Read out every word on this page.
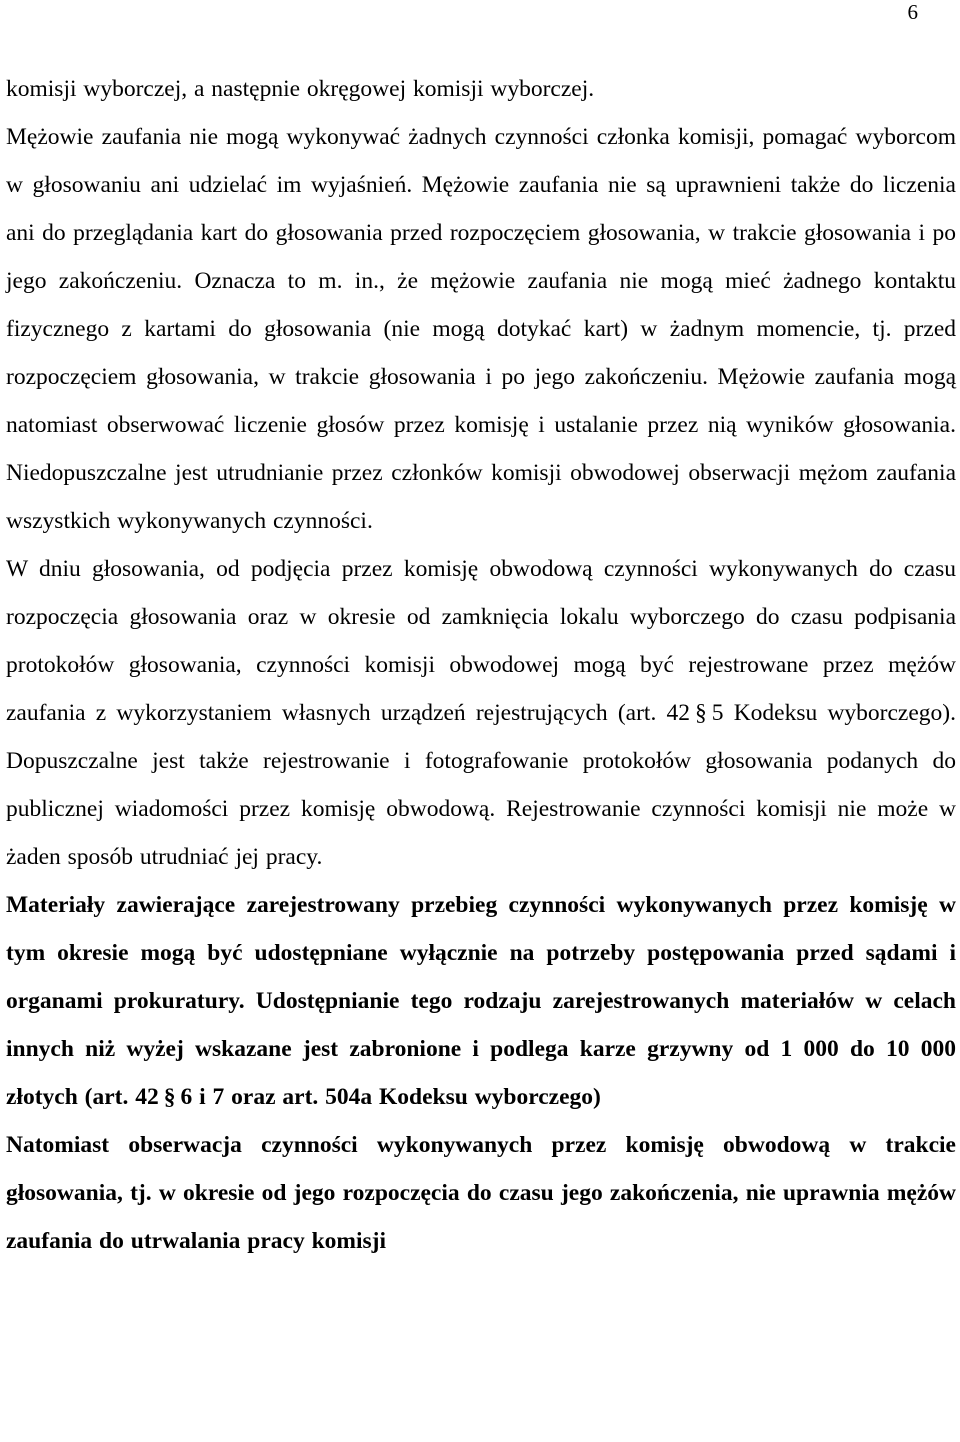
6

komisji wyborczej, a następnie okręgowej komisji wyborczej.

Mężowie zaufania nie mogą wykonywać żadnych czynności członka komisji, pomagać wyborcom w głosowaniu ani udzielać im wyjaśnień. Mężowie zaufania nie są uprawnieni także do liczenia ani do przeglądania kart do głosowania przed rozpoczęciem głosowania, w trakcie głosowania i po jego zakończeniu. Oznacza to m. in., że mężowie zaufania nie mogą mieć żadnego kontaktu fizycznego z kartami do głosowania (nie mogą dotykać kart) w żadnym momencie, tj. przed rozpoczęciem głosowania, w trakcie głosowania i po jego zakończeniu. Mężowie zaufania mogą natomiast obserwować liczenie głosów przez komisję i ustalanie przez nią wyników głosowania. Niedopuszczalne jest utrudnianie przez członków komisji obwodowej obserwacji mężom zaufania wszystkich wykonywanych czynności.

W dniu głosowania, od podjęcia przez komisję obwodową czynności wykonywanych do czasu rozpoczęcia głosowania oraz w okresie od zamknięcia lokalu wyborczego do czasu podpisania protokołów głosowania, czynności komisji obwodowej mogą być rejestrowane przez mężów zaufania z wykorzystaniem własnych urządzeń rejestrujących (art. 42 § 5 Kodeksu wyborczego). Dopuszczalne jest także rejestrowanie i fotografowanie protokołów głosowania podanych do publicznej wiadomości przez komisję obwodową. Rejestrowanie czynności komisji nie może w żaden sposób utrudniać jej pracy.

Materiały zawierające zarejestrowany przebieg czynności wykonywanych przez komisję w tym okresie mogą być udostępniane wyłącznie na potrzeby postępowania przed sądami i organami prokuratury. Udostępnianie tego rodzaju zarejestrowanych materiałów w celach innych niż wyżej wskazane jest zabronione i podlega karze grzywny od 1 000 do 10 000 złotych (art. 42 § 6 i 7 oraz art. 504a Kodeksu wyborczego)

Natomiast obserwacja czynności wykonywanych przez komisję obwodową w trakcie głosowania, tj. w okresie od jego rozpoczęcia do czasu jego zakończenia, nie uprawnia mężów zaufania do utrwalania pracy komisji
